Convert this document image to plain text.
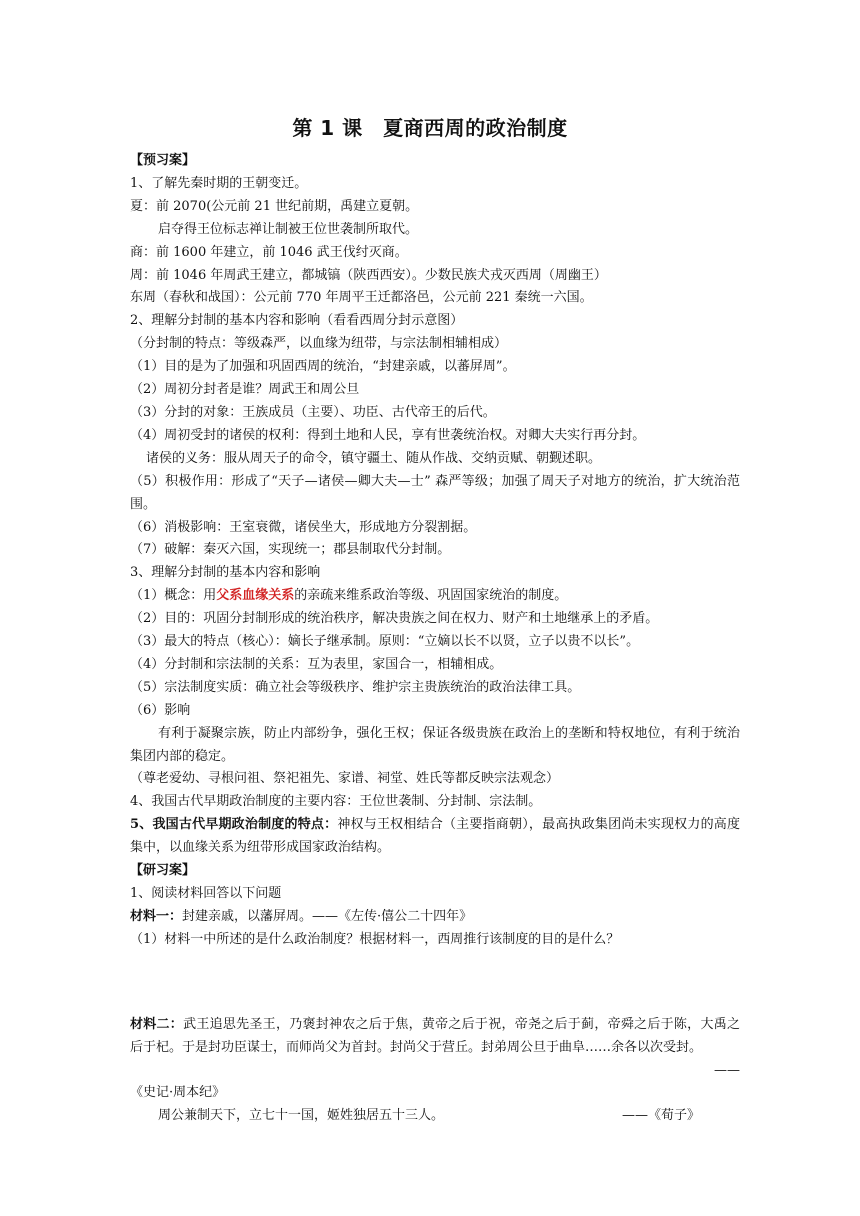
第 1 课　夏商西周的政治制度

【预习案】

1、了解先秦时期的王朝变迁。

夏：前 2070(公元前 21 世纪前期，禹建立夏朝。

启夺得王位标志禅让制被王位世袭制所取代。

商：前 1600 年建立，前 1046 武王伐纣灭商。

周：前 1046 年周武王建立，都城镐（陕西西安）。少数民族犬戎灭西周（周幽王）

东周（春秋和战国）：公元前 770 年周平王迁都洛邑，公元前 221 秦统一六国。

2、理解分封制的基本内容和影响（看看西周分封示意图）

（分封制的特点：等级森严，以血缘为纽带，与宗法制相辅相成）

（1）目的是为了加强和巩固西周的统治，“封建亲戚，以蕃屏周”。

（2）周初分封者是谁？周武王和周公旦

（3）分封的对象：王族成员（主要）、功臣、古代帝王的后代。

（4）周初受封的诸侯的权利：得到土地和人民，享有世袭统治权。对卿大夫实行再分封。

诸侯的义务：服从周天子的命令，镇守疆土、随从作战、交纳贡赋、朝觐述职。

（5）积极作用：形成了“天子—诸侯—卿大夫—士” 森严等级；加强了周天子对地方的统治，扩大统治范围。

（6）消极影响：王室衰微，诸侯坐大，形成地方分裂割据。

（7）破解：秦灭六国，实现统一；郡县制取代分封制。

3、理解分封制的基本内容和影响

（1）概念：用父系血缘关系的亲疏来维系政治等级、巩固国家统治的制度。

（2）目的：巩固分封制形成的统治秩序，解决贵族之间在权力、财产和土地继承上的矛盾。

（3）最大的特点（核心）：嫡长子继承制。原则：“立嫡以长不以贤，立子以贵不以长”。

（4）分封制和宗法制的关系：互为表里，家国合一，相辅相成。

（5）宗法制度实质：确立社会等级秩序、维护宗主贵族统治的政治法律工具。

（6）影响

有利于凝聚宗族，防止内部纷争，强化王权；保证各级贵族在政治上的垄断和特权地位，有利于统治集团内部的稳定。

（尊老爱幼、寻根问祖、祭祀祖先、家谱、祠堂、姓氏等都反映宗法观念）

4、我国古代早期政治制度的主要内容：王位世袭制、分封制、宗法制。

5、我国古代早期政治制度的特点：神权与王权相结合（主要指商朝），最高执政集团尚未实现权力的高度集中，以血缘关系为纽带形成国家政治结构。

【研习案】

1、阅读材料回答以下问题

材料一：封建亲戚，以藩屏周。——《左传·僖公二十四年》

（1）材料一中所述的是什么政治制度？根据材料一，西周推行该制度的目的是什么？

材料二：武王追思先圣王，乃褒封神农之后于焦，黄帝之后于祝，帝尧之后于蓟，帝舜之后于陈，大禹之后于杞。于是封功臣谋士，而师尚父为首封。封尚父于营丘。封弟周公旦于曲阜……余各以次受封。

——

《史记·周本纪》

周公兼制天下，立七十一国，姬姓独居五十三人。	——《荀子》
